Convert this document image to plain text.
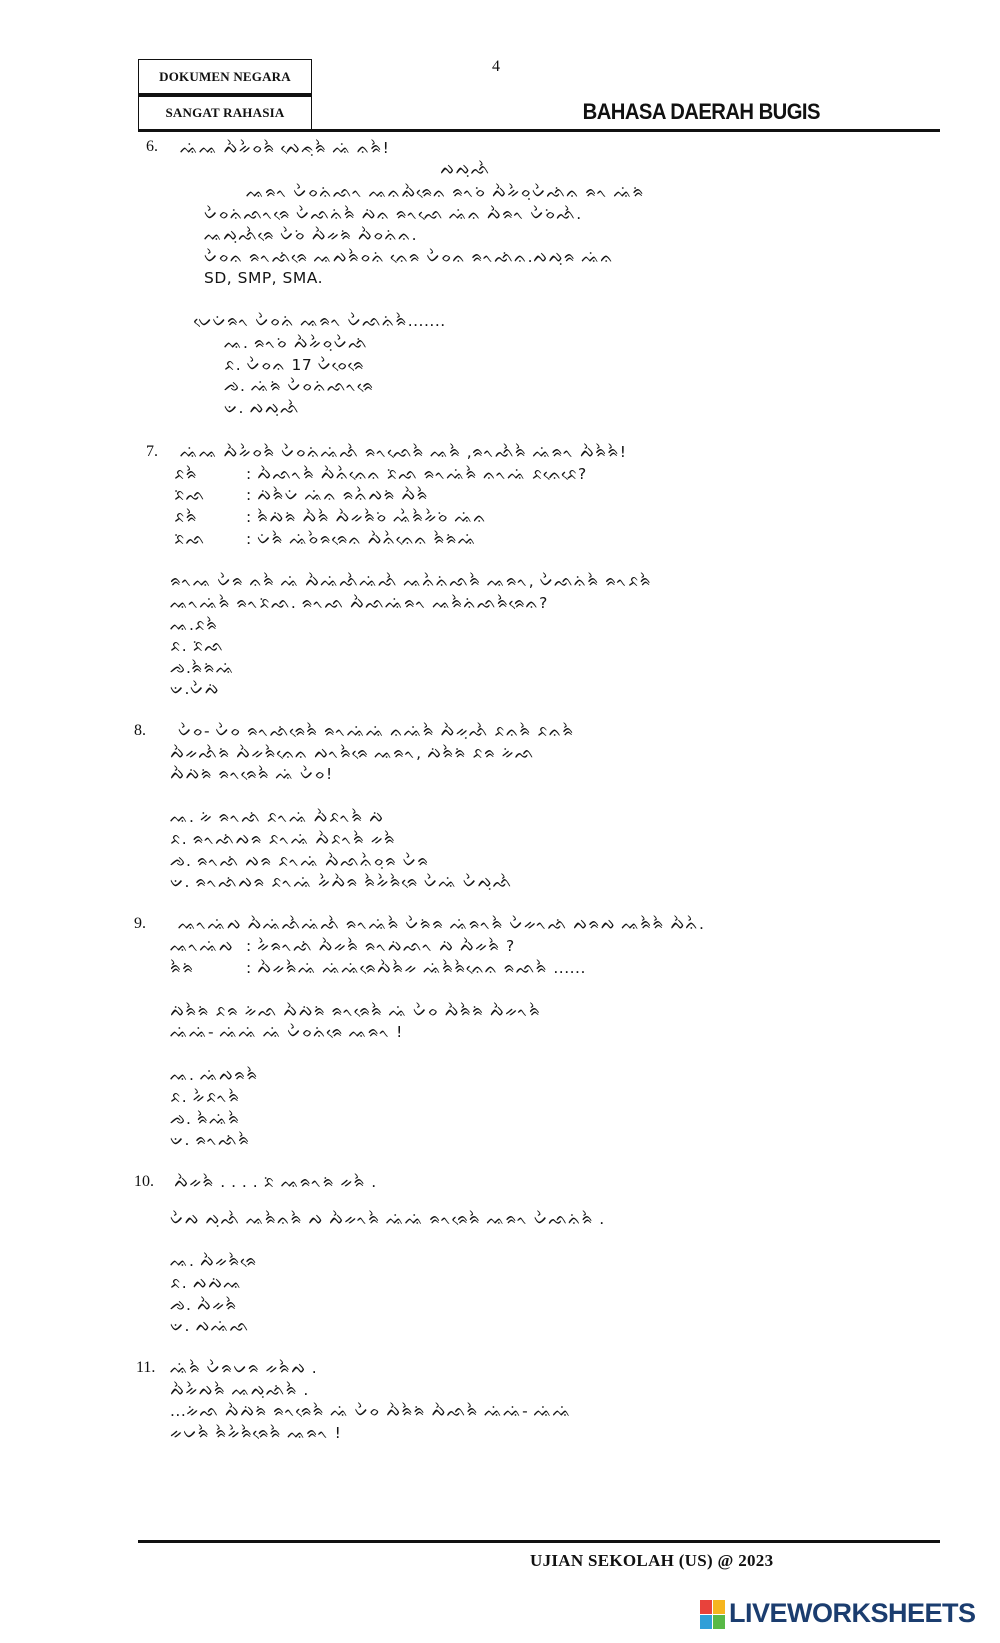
DOKUMEN NEGARA
SANGAT RAHASIA
4
BAHASA DAERAH BUGIS
6. ᨕᨗᨕ ᨄᨛᨀᨛᨔᨑᨛ ᨄᨙᨃᨘᨑᨛ ᨕᨗ ᨊᨑᨛ!
ᨄᨄᨘᨒᨛ
ᨕᨑᨚ ᨆᨛᨔᨊᨗᨒᨚ ᨕᨊᨁᨛᨑᨙᨊ ᨑᨚᨔᨗ ᨄᨛᨀᨛᨔᨘᨆᨛᨒᨗᨊ ᨑᨚ ᨕᨗᨑᨗ
ᨆᨛᨔᨊᨗᨒᨚᨑᨙ ᨆᨛᨒᨊᨗᨑᨛ ᨄᨗᨊ ᨑᨚᨒᨙ ᨕᨗᨊ ᨄᨛᨑᨚ ᨆᨛᨔᨗᨒᨛ.
ᨕᨄᨘᨒᨛᨑᨙ ᨆᨛᨔᨗ ᨄᨛᨀᨑᨗ ᨄᨛᨔᨊᨗᨊ.
ᨆᨛᨔᨊ ᨑᨚᨒᨗᨑᨙ ᨕᨄᨑᨛᨔᨊᨗ ᨊᨙᨑ ᨆᨛᨔᨊ ᨑᨚᨒᨗᨊ.ᨄᨄᨘᨑ ᨕᨗᨊ
SD, SMP, SMA.
ᨆᨙᨆᨗᨑᨚ ᨆᨛᨔᨊᨗ ᨕᨑᨚ ᨆᨛᨒᨊᨗᨑᨛ.......
ᨕ. ᨑᨚᨔᨗ ᨄᨛᨀᨛᨔᨘᨆᨛᨒᨗ
ᨅ. ᨆᨛᨔᨊ 17 ᨆᨛᨔᨙᨑᨙ
ᨌ. ᨕᨗᨑᨗ ᨆᨛᨔᨊᨗᨒᨚᨑᨙ
ᨉ. ᨄᨄᨘᨒᨛ
7. ᨕᨗᨕ ᨄᨛᨀᨛᨔᨑᨛ ᨆᨛᨔᨊᨗᨕᨗᨒᨛ ᨑᨚᨒᨙᨑᨛ ᨕᨑᨛ ,ᨑᨚᨒᨛᨑᨛ ᨕᨗᨑᨚ ᨄᨛᨑᨛᨑᨛ!
ᨅᨑᨛ	: ᨄᨛᨒᨚᨑᨛ ᨄᨛᨊᨛᨊᨙᨊ ᨅᨗᨒ ᨑᨚᨕᨗᨑᨛ ᨊᨚᨕᨗ ᨅᨊᨙᨅᨙ?
ᨅᨗᨒ	: ᨄᨗᨑᨛᨆᨗ ᨕᨗᨊ ᨑᨊᨛᨄᨑᨗ ᨄᨛᨑᨛ
ᨅᨑᨛ	: ᨑᨛᨄᨗᨑᨗ ᨄᨛᨑᨛ ᨄᨛᨀᨑᨛᨔᨗ ᨕᨛᨑᨛᨀᨛᨔᨗ ᨕᨗᨊ
ᨅᨗᨒ	: ᨆᨗᨑᨛ ᨕᨗᨔᨛᨑᨑᨙᨊ ᨄᨛᨊᨛᨊᨙᨊ ᨑᨛᨑᨗᨕᨗ
ᨑᨚᨕ ᨆᨛᨑ ᨊᨑᨛ ᨕᨗ ᨄᨛᨕᨗᨒᨛᨕᨗᨒᨛ ᨕᨊᨛᨊᨗᨒᨑᨛ ᨕᨑᨚ, ᨆᨛᨒᨊᨗᨑᨛ ᨑᨚᨅᨑᨛ
ᨕᨚᨕᨗᨑᨛ ᨑᨚᨅᨗᨒ. ᨑᨚᨒ ᨄᨛᨒᨕᨗᨑᨚ ᨕᨑᨛᨊᨗᨒᨑᨛᨑᨙᨊ?
ᨕ.ᨅᨑᨛ
ᨅ. ᨅᨗᨒ
ᨌ.ᨑᨛᨑᨗᨕᨗ
ᨉ.ᨆᨛᨄᨗ
8. ᨆᨛᨔ- ᨆᨛᨔ ᨑᨚᨒᨗᨑᨙᨑᨛ ᨑᨚᨕᨗᨕᨗ ᨊᨕᨗᨑᨛ ᨄᨛᨀᨘᨒᨛ ᨅᨊᨑᨛ ᨅᨊᨑᨛ
ᨄᨛᨀᨒᨛᨑᨗ ᨄᨛᨀᨑᨛᨊᨙᨊ ᨄᨚᨑᨛᨑᨙ ᨕᨑᨚ, ᨄᨗᨑᨛᨑᨗ ᨅᨑ ᨀᨗᨒ
ᨄᨛᨄᨗᨑᨗ ᨑᨚᨑᨙᨑᨛ ᨕᨗ ᨆᨛᨔ!
ᨕ. ᨀᨗ ᨑᨚᨒᨗ ᨅᨚᨕᨗ ᨄᨛᨅᨚᨑᨛ ᨄᨗ
ᨅ. ᨑᨚᨒᨗᨄᨑ ᨅᨚᨕᨗ ᨄᨛᨅᨚᨑᨛ ᨀᨑᨛ
ᨌ. ᨑᨚᨒᨗ ᨄᨑ ᨅᨚᨕᨗ ᨄᨛᨒᨊᨛᨔᨘᨑ ᨆᨛᨑ
ᨉ. ᨑᨚᨒᨗᨄᨑ ᨅᨚᨕᨗ ᨀᨛᨄᨛᨑ ᨑᨛᨀᨛᨑᨛᨑᨙ ᨆᨛᨕᨗ ᨆᨛᨄᨘᨒᨛ
9. ᨕᨚᨕᨗᨄ ᨄᨛᨕᨗᨒᨛᨕᨗᨒᨛ ᨑᨚᨕᨗᨑᨛ ᨆᨛᨑᨗᨑ ᨕᨗᨑᨚᨑᨛ ᨆᨛᨀᨚᨒᨗ ᨄᨑᨄ ᨕᨑᨛᨑᨛ ᨄᨛᨊᨛ.
ᨕᨚᨕᨗᨄ : ᨀᨛᨑᨚᨒᨗ ᨄᨛᨀᨑᨛ ᨑᨚᨄᨗᨒᨚ ᨄᨗ ᨄᨛᨀᨑᨛ ?
ᨑᨛᨑᨗ	: ᨄᨛᨀᨑᨛᨕᨗ ᨕᨗᨕᨗᨑᨙᨄᨛᨑᨛᨀ ᨕᨗᨑᨛᨑᨛᨊᨙᨊ ᨑᨒᨑᨛ ......
ᨄᨗᨑᨛᨑᨗ ᨅᨑ ᨀᨗᨒ ᨄᨛᨄᨗᨑᨗ ᨑᨚᨑᨙᨑᨛ ᨕᨗ ᨆᨛᨔ ᨄᨛᨑᨛᨑᨗ ᨄᨛᨀᨚᨑᨛ
ᨕᨗᨕᨗ- ᨕᨗᨕᨗ ᨕᨗ ᨆᨛᨔᨊᨗᨑᨙ ᨕᨑᨚ !
ᨕ. ᨕᨗᨄᨑᨑᨛ
ᨅ. ᨀᨛᨅᨚᨑᨛ
ᨌ. ᨑᨛᨕᨗᨑᨛ
ᨉ. ᨑᨚᨒᨗᨑᨛ
10. ᨄᨛᨀᨑᨛ . . . . ᨅᨗ ᨕᨑᨚᨑᨗ ᨀᨑᨛ .
ᨆᨛᨄ ᨄᨘᨒᨛ ᨕᨑᨛᨊᨑᨛ ᨄ ᨄᨛᨀᨚᨑᨛ ᨕᨗᨕᨗ ᨑᨚᨑᨙᨑᨛ ᨕᨑᨚ ᨆᨛᨒᨊᨗᨑᨛ .
ᨕ. ᨄᨛᨀᨑᨛᨑᨙ
ᨅ. ᨄᨄᨗᨕ
ᨌ. ᨄᨛᨀᨑᨛ
ᨉ. ᨄᨕᨗᨒ
11. ᨕᨗᨑᨛ ᨆᨛᨑᨆᨑ ᨀᨑᨛᨄ .
ᨄᨛᨀᨛᨄᨑᨛ ᨕᨄᨘᨒᨗᨑᨛ .
...ᨀᨗᨒ ᨄᨛᨄᨗᨑᨗ ᨑᨚᨑᨙᨑᨛ ᨕᨗ ᨆᨛᨔ ᨄᨛᨑᨛᨑᨗ ᨄᨛᨒᨑᨛ ᨕᨗᨕᨗ- ᨕᨗᨕᨗ
ᨀᨆᨑᨛ ᨑᨛᨀᨛᨑᨛᨑᨙᨑᨛ ᨕᨑᨚ !
UJIAN SEKOLAH (US) @ 2023
LIVEWORKSHEETS
